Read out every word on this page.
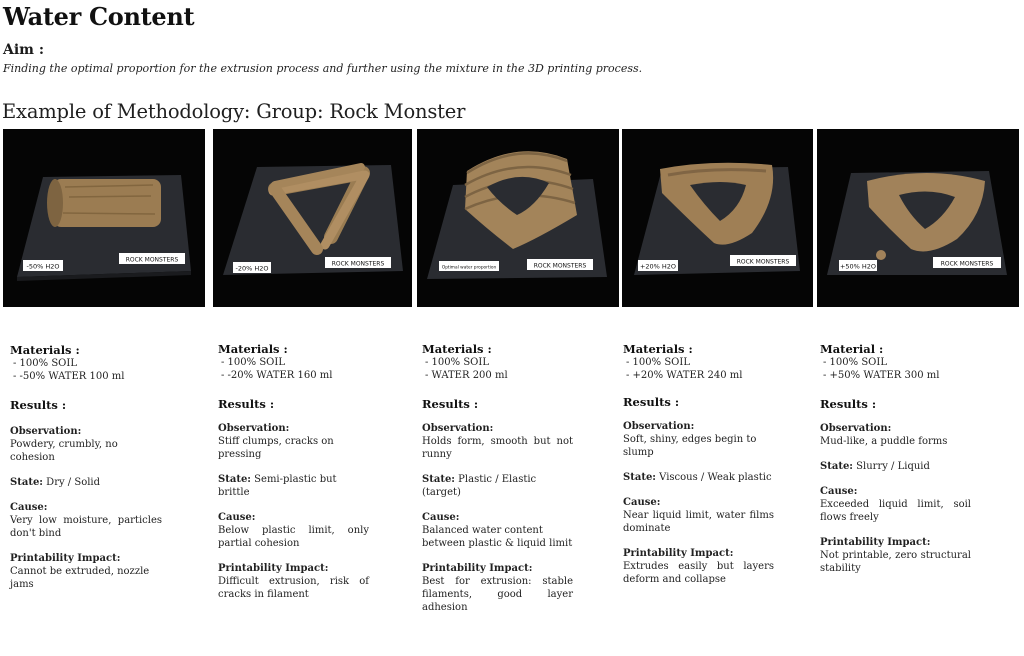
Water Content
Aim :
Finding the optimal proportion for the extrusion process and further using the mixture in the 3D printing process.
Example of Methodology: Group: Rock Monster
-50% H2O
ROCK MONSTERS
-20% H2O
ROCK MONSTERS
Optimal water proportion	ROCK MONSTERS	+20% H2O
ROCK MONSTERS
+50% H2O	ROCK MONSTERS
Materials :
- 100% SOIL
- -50% WATER 100 ml
Results :
Observation:
Powdery, crumbly, no cohesion
State: Dry / Solid
Cause:
Very low moisture, particles don't bind
Printability Impact:
Cannot be extruded, nozzle jams
Materials :
- 100% SOIL
- -20% WATER 160 ml
Results :
Observation:
Stiff clumps, cracks on pressing
State: Semi-plastic but brittle
Cause:
Below plastic limit, only partial cohesion
Printability Impact:
Difficult extrusion, risk of cracks in filament
Materials :
- 100% SOIL
- WATER 200 ml
Results :
Observation:
Holds form, smooth but not runny
State: Plastic / Elastic (target)
Cause:
Balanced water content between plastic & liquid limit
Printability Impact:
Best for extrusion: stable filaments, good layer adhesion
Materials :
- 100% SOIL
- +20% WATER 240 ml
Results :
Observation:
Soft, shiny, edges begin to slump
State: Viscous / Weak plastic
Cause:
Near liquid limit, water films dominate
Printability Impact:
Extrudes easily but layers deform and collapse
Material :
- 100% SOIL
- +50% WATER 300 ml
Results :
Observation:
Mud-like, a puddle forms
State: Slurry / Liquid
Cause:
Exceeded liquid limit, soil flows freely
Printability Impact:
Not printable, zero structural stability
